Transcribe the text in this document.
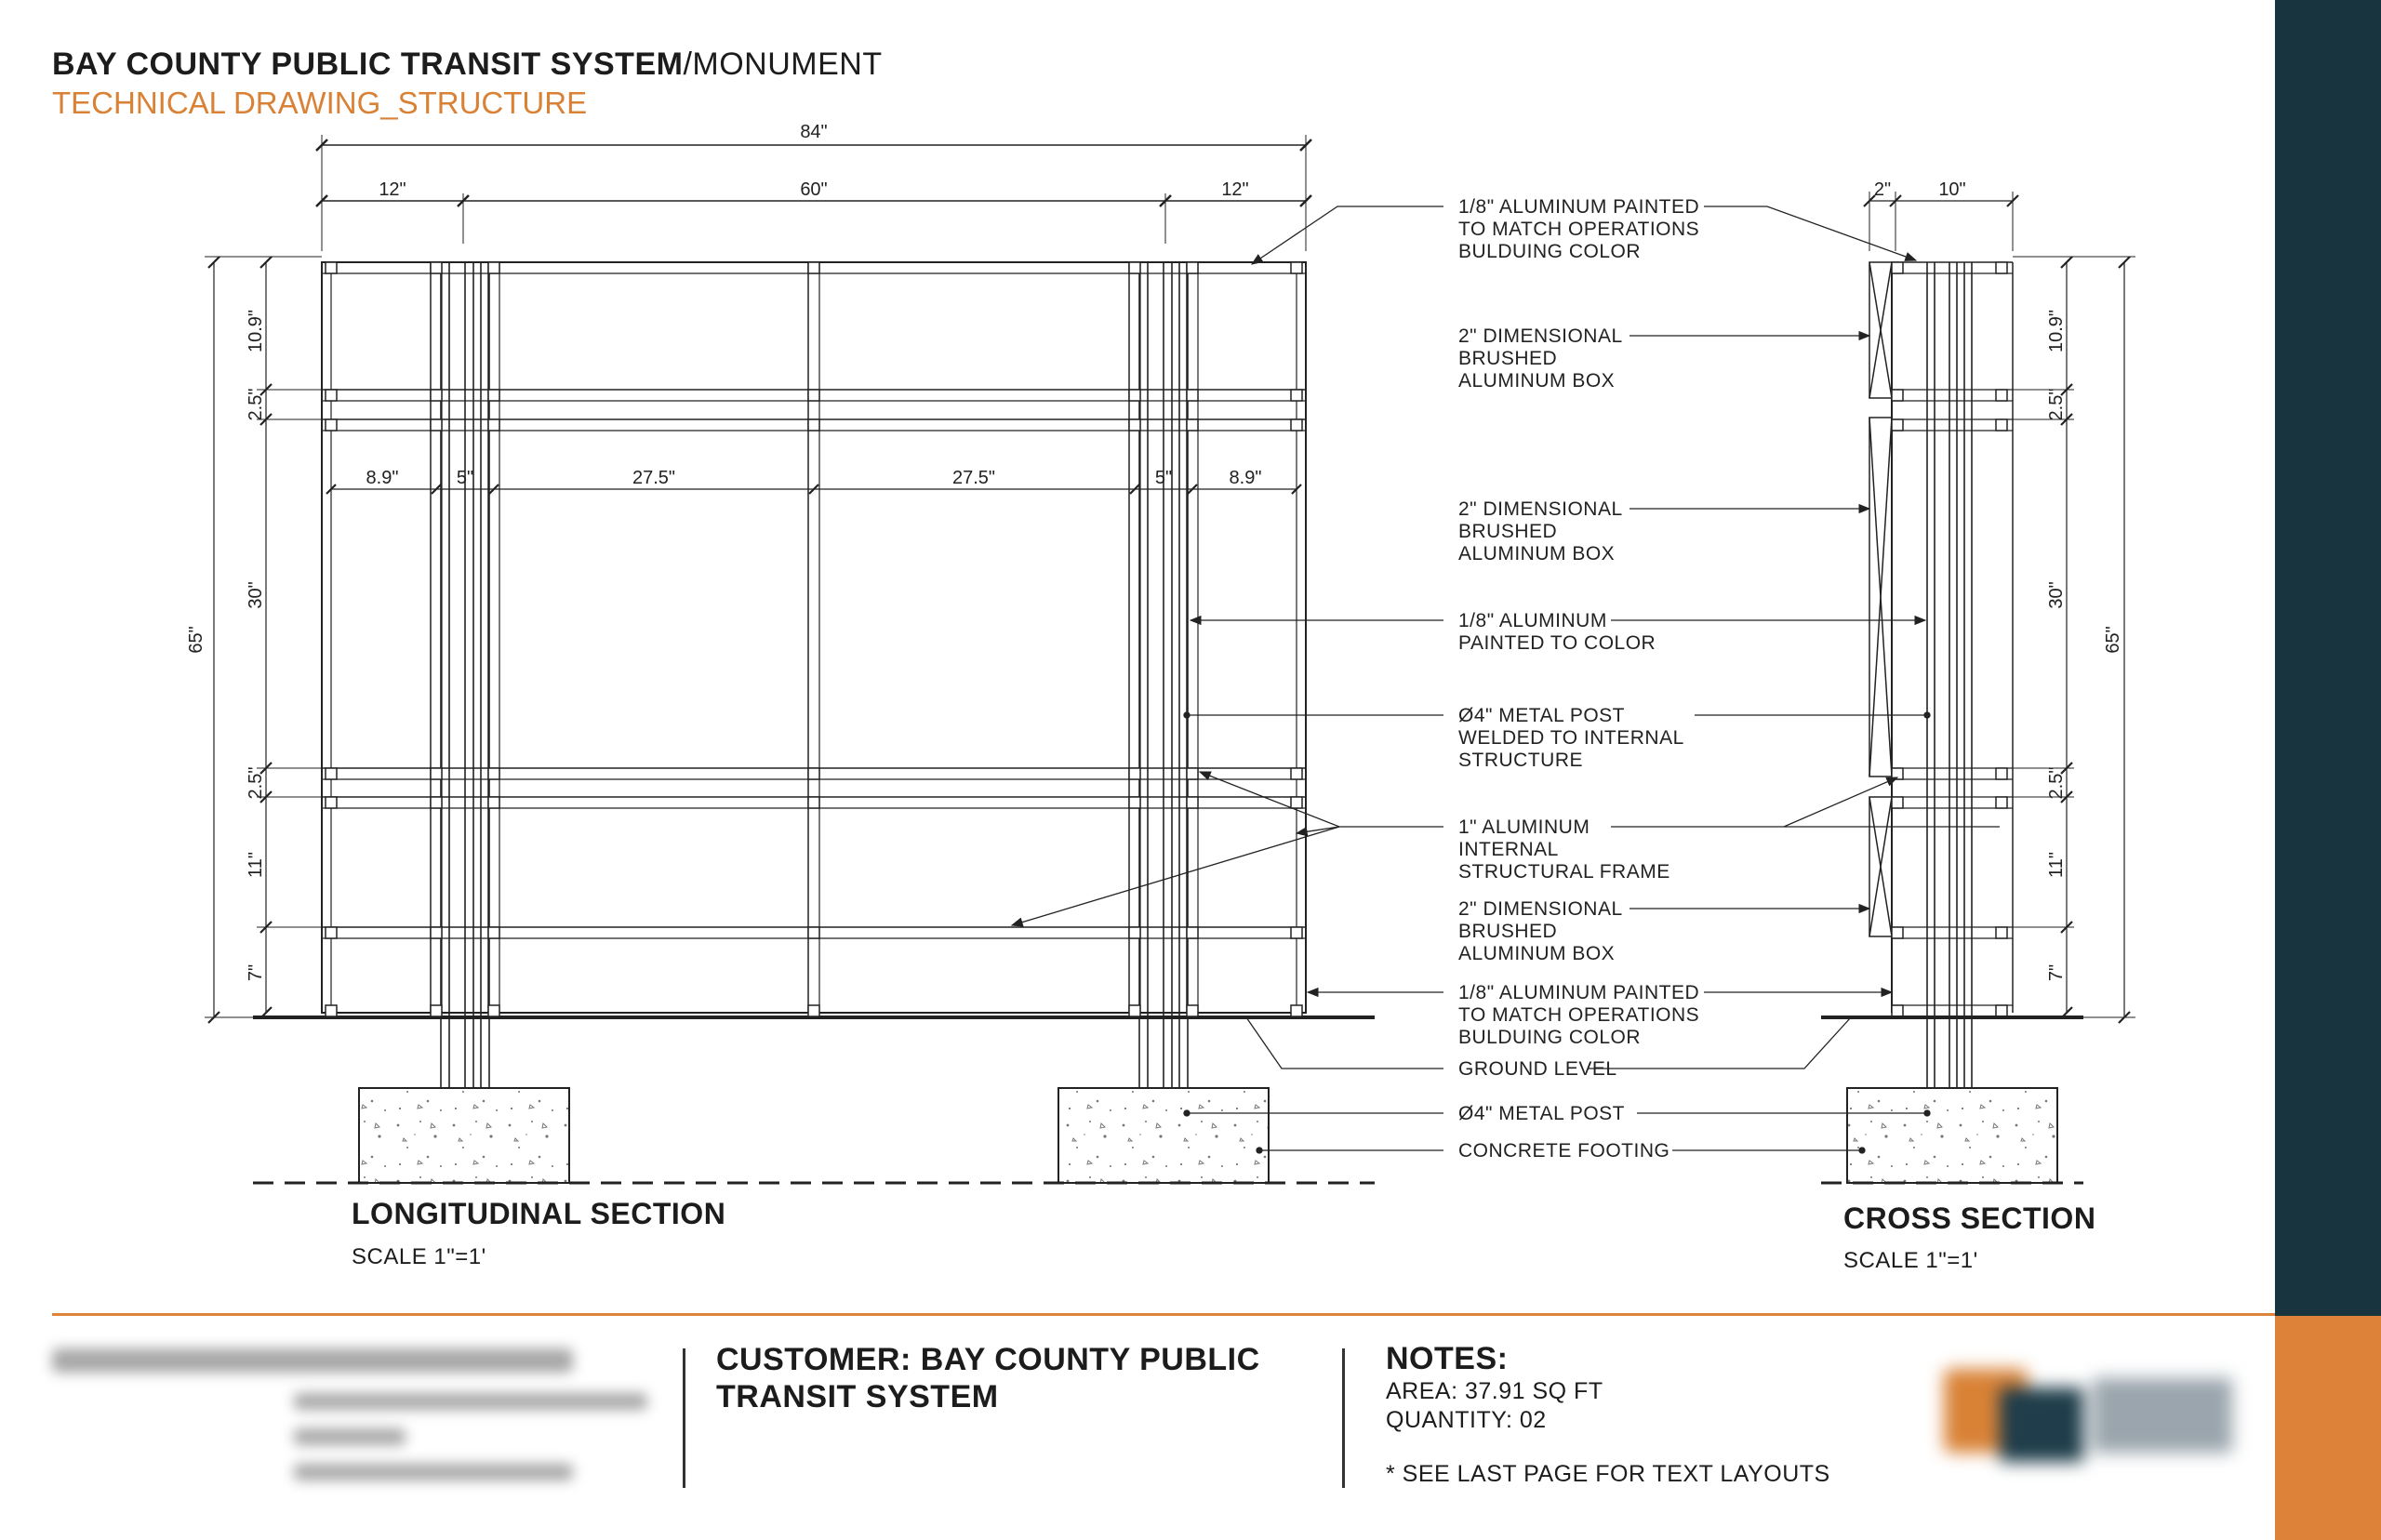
BAY COUNTY PUBLIC TRANSIT SYSTEM/MONUMENT
TECHNICAL DRAWING_STRUCTURE
84"
12"	60"	12"
8.9"	5"	27.5"	27.5"	5"	8.9"
10.9"
2.5"
30"
2.5"
11"
7"
65"
LONGITUDINAL SECTION
SCALE 1"=1'
2"	10"
10.9"
2.5"
30"
2.5"
11"
7"
65"
CROSS SECTION
SCALE 1"=1'
1/8" ALUMINUM PAINTED
TO MATCH OPERATIONS
BULDUING COLOR
2" DIMENSIONAL
BRUSHED
ALUMINUM BOX
2" DIMENSIONAL
BRUSHED
ALUMINUM BOX
1/8" ALUMINUM
PAINTED TO COLOR
Ø4" METAL POST
WELDED TO INTERNAL
STRUCTURE
1" ALUMINUM
INTERNAL
STRUCTURAL FRAME
2" DIMENSIONAL
BRUSHED
ALUMINUM BOX
1/8" ALUMINUM PAINTED
TO MATCH OPERATIONS
BULDUING COLOR
GROUND LEVEL
Ø4" METAL POST
CONCRETE FOOTING
CUSTOMER: BAY COUNTY PUBLIC
TRANSIT SYSTEM
NOTES:
AREA: 37.91 SQ FT
QUANTITY: 02
* SEE LAST PAGE FOR TEXT LAYOUTS
